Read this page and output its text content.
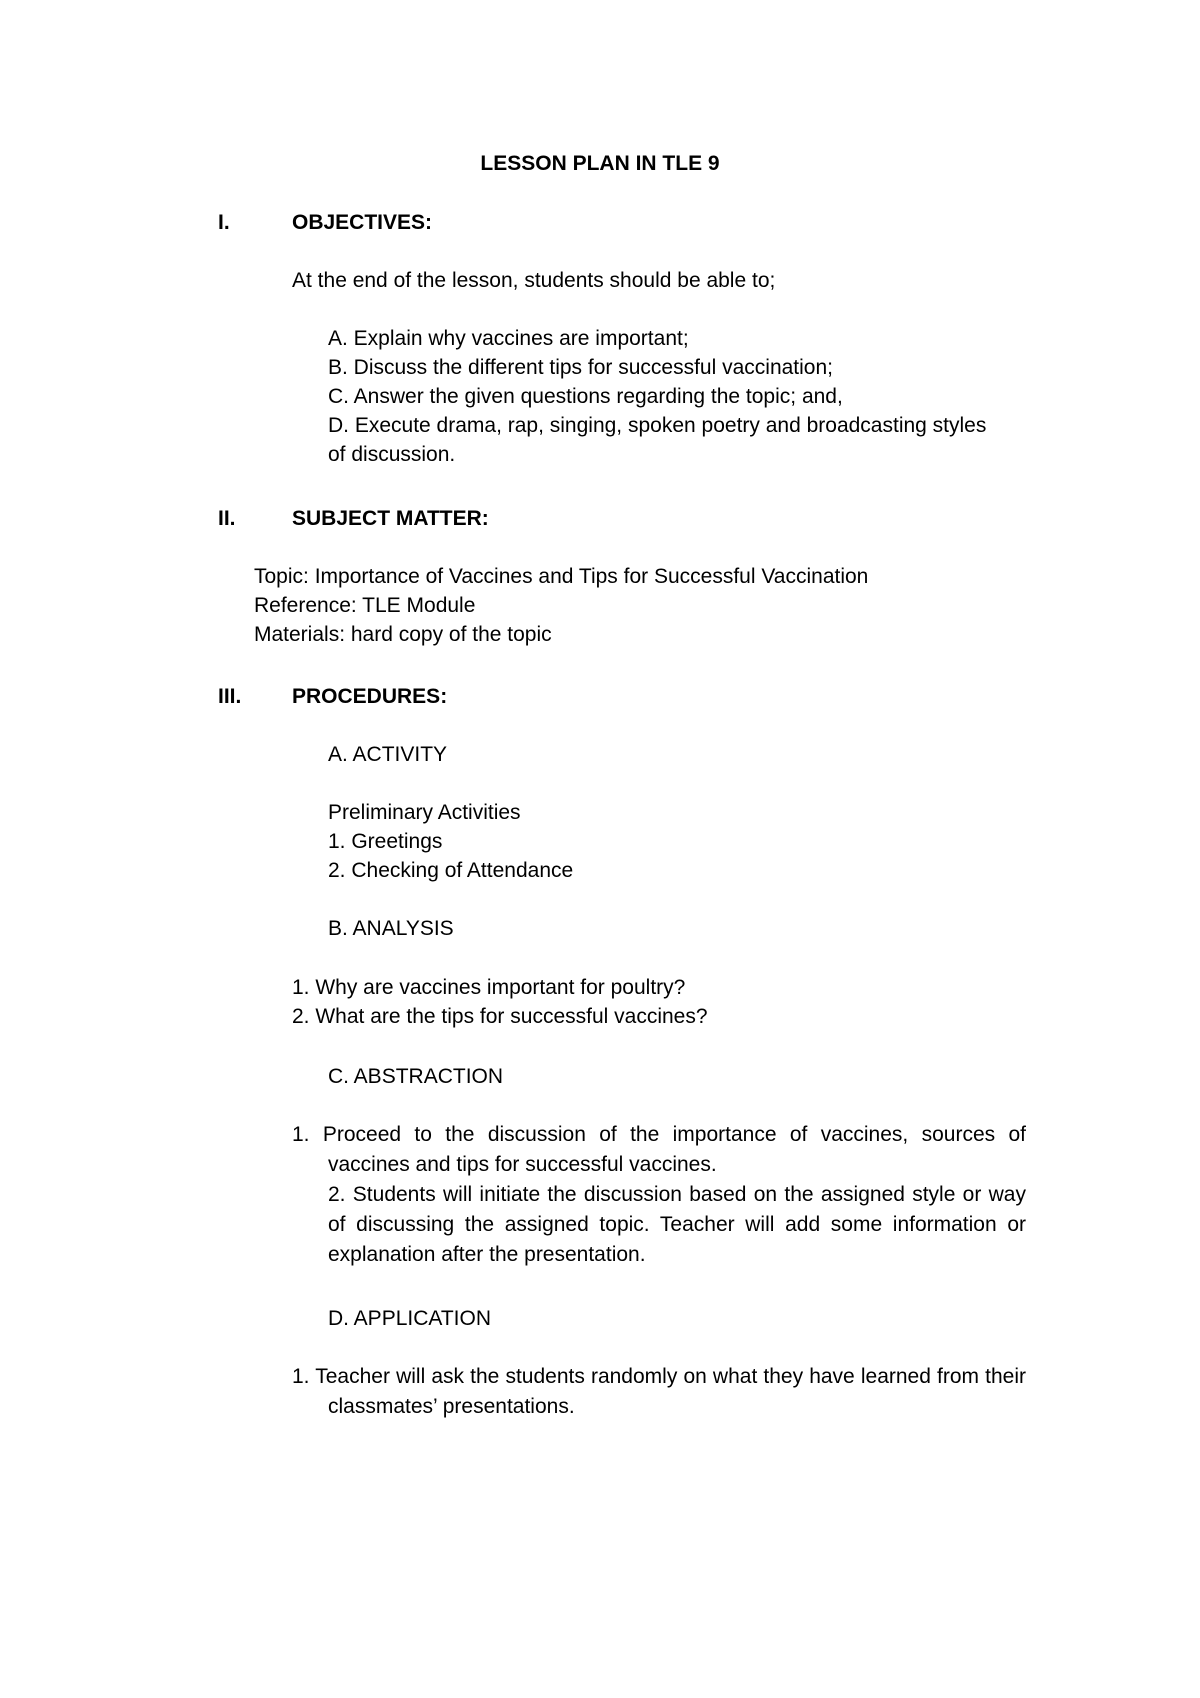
LESSON PLAN IN TLE 9
I.	OBJECTIVES:
At the end of the lesson, students should be able to;
A. Explain why vaccines are important;
B. Discuss the different tips for successful vaccination;
C. Answer the given questions regarding the topic; and,
D. Execute drama, rap, singing, spoken poetry and broadcasting styles
of discussion.
II.	SUBJECT MATTER:
Topic: Importance of Vaccines and Tips for Successful Vaccination
Reference: TLE Module
Materials: hard copy of the topic
III. PROCEDURES:
A. ACTIVITY
Preliminary Activities
1. Greetings
2. Checking of Attendance
B. ANALYSIS
1. Why are vaccines important for poultry?
2. What are the tips for successful vaccines?
C. ABSTRACTION
1. Proceed to the discussion of the importance of vaccines, sources of vaccines and tips for successful vaccines.
2. Students will initiate the discussion based on the assigned style or way of discussing the assigned topic. Teacher will add some information or explanation after the presentation.
D. APPLICATION
1. Teacher will ask the students randomly on what they have learned from their classmates’ presentations.
